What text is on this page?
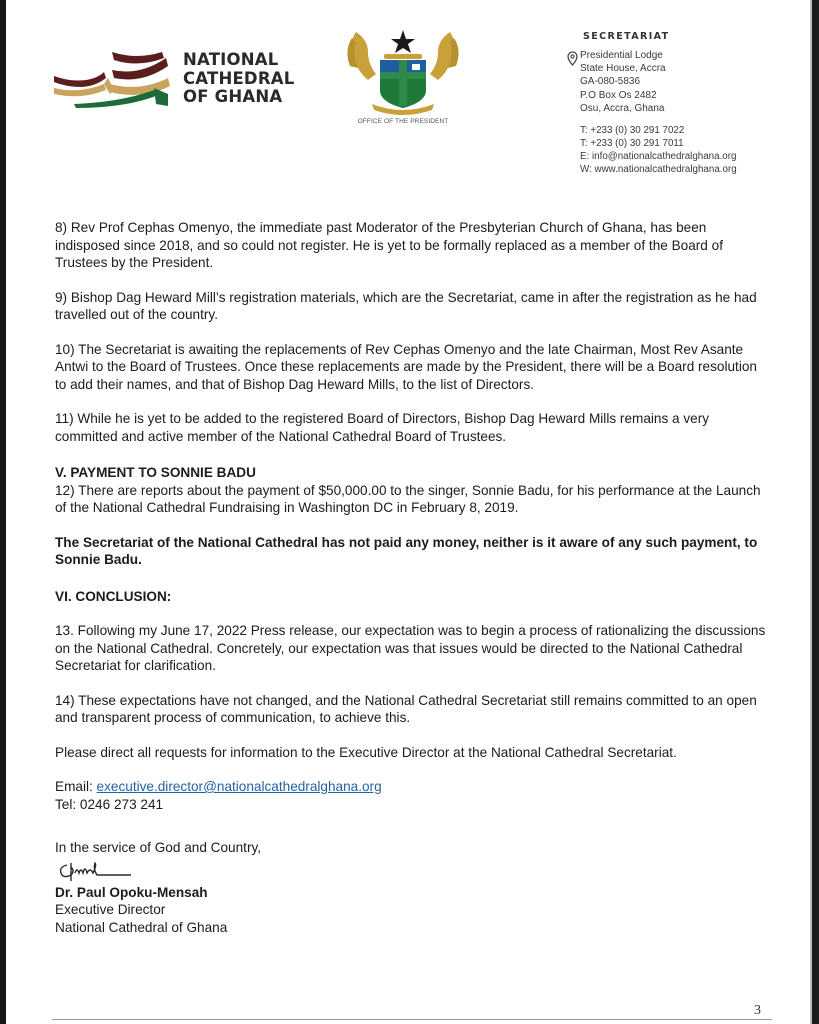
NATIONAL
CATHEDRAL
OF GHANA
OFFICE OF THE PRESIDENT
SECRETARIAT
Presidential Lodge
State House, Accra
GA-080-5836
P.O Box Os 2482
Osu, Accra, Ghana
T: +233 (0) 30 291 7022
T: +233 (0) 30 291 7011
E: info@nationalcathedralghana.org
W: www.nationalcathedralghana.org

8) Rev Prof Cephas Omenyo, the immediate past Moderator of the Presbyterian Church of Ghana, has been indisposed since 2018, and so could not register. He is yet to be formally replaced as a member of the Board of Trustees by the President.

9) Bishop Dag Heward Mill’s registration materials, which are the Secretariat, came in after the registration as he had travelled out of the country.

10) The Secretariat is awaiting the replacements of Rev Cephas Omenyo and the late Chairman, Most Rev Asante Antwi to the Board of Trustees. Once these replacements are made by the President, there will be a Board resolution to add their names, and that of Bishop Dag Heward Mills, to the list of Directors.

11) While he is yet to be added to the registered Board of Directors, Bishop Dag Heward Mills remains a very committed and active member of the National Cathedral Board of Trustees.

V. PAYMENT TO SONNIE BADU

12) There are reports about the payment of $50,000.00 to the singer, Sonnie Badu, for his performance at the Launch of the National Cathedral Fundraising in Washington DC in February 8, 2019.

The Secretariat of the National Cathedral has not paid any money, neither is it aware of any such payment, to Sonnie Badu.

VI. CONCLUSION:

13. Following my June 17, 2022 Press release, our expectation was to begin a process of rationalizing the discussions on the National Cathedral. Concretely, our expectation was that issues would be directed to the National Cathedral Secretariat for clarification.

14) These expectations have not changed, and the National Cathedral Secretariat still remains committed to an open and transparent process of communication, to achieve this.

Please direct all requests for information to the Executive Director at the National Cathedral Secretariat.

Email: executive.director@nationalcathedralghana.org

Tel: 0246 273 241

In the service of God and Country,

Dr. Paul Opoku-Mensah

Executive Director

National Cathedral of Ghana

3
